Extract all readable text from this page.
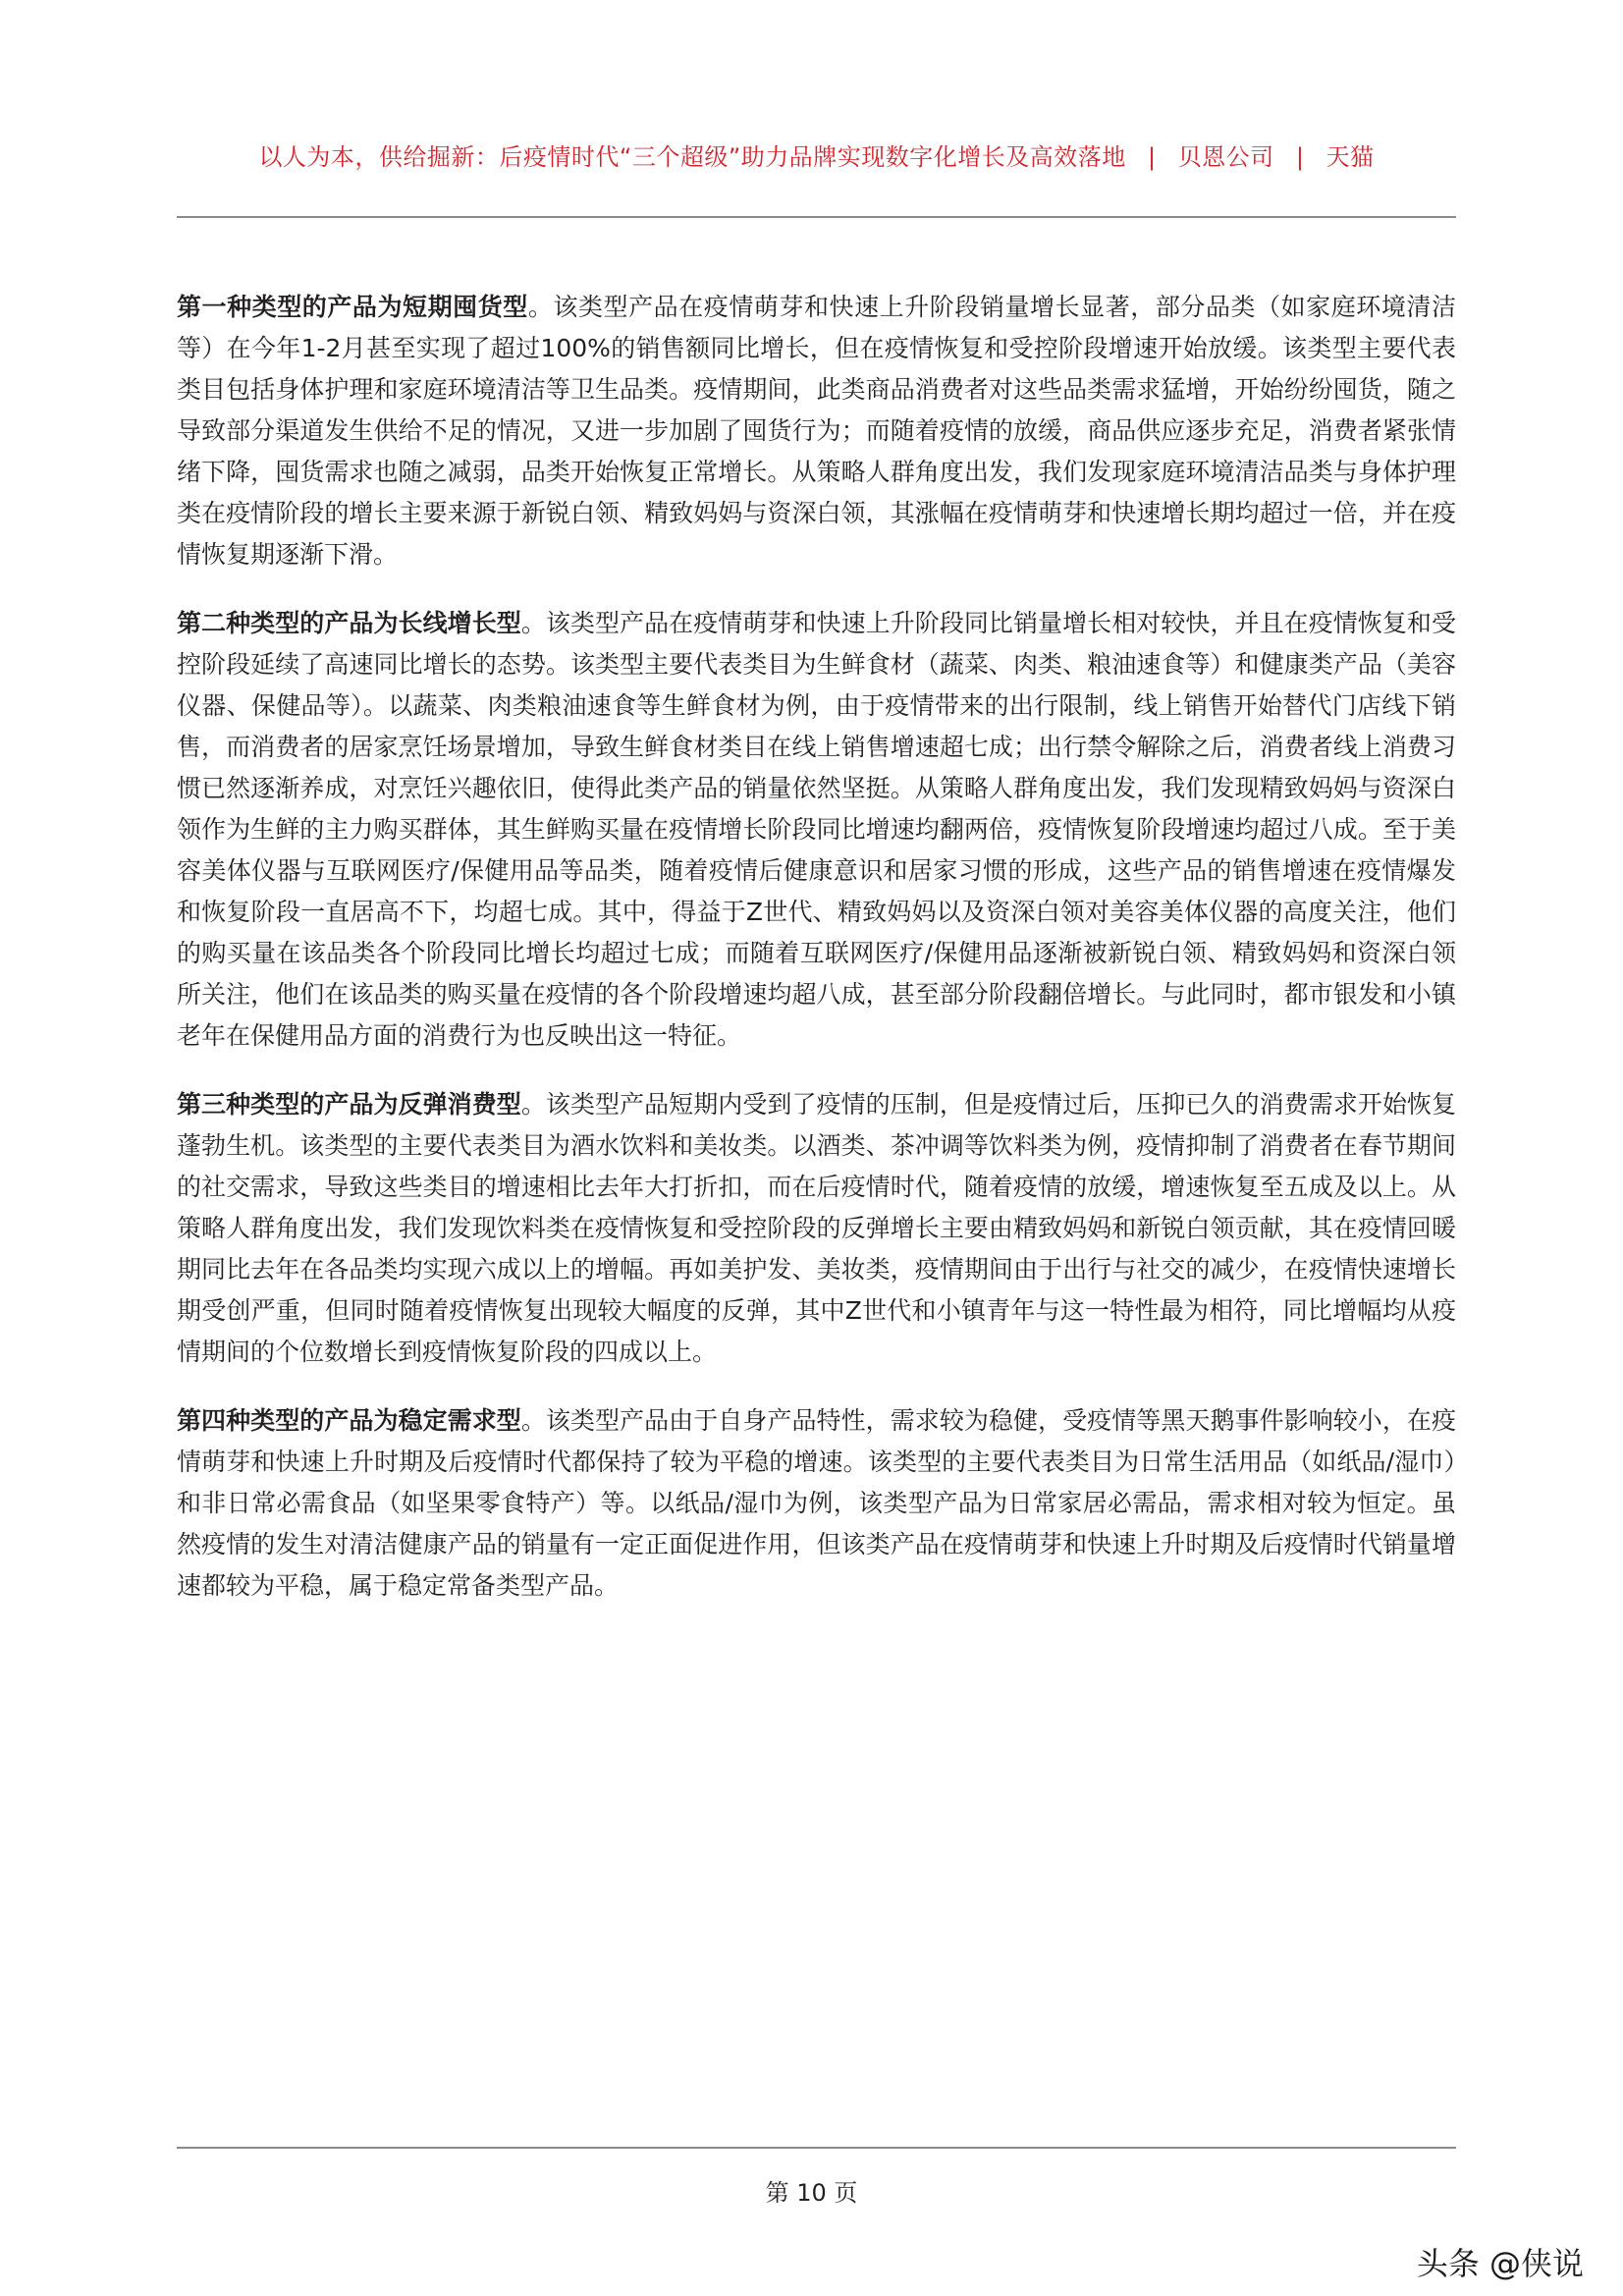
以人为本，供给掘新：后疫情时代“三个超级”助力品牌实现数字化增长及高效落地 | 贝恩公司 | 天猫

第一种类型的产品为短期囤货型。该类型产品在疫情萌芽和快速上升阶段销量增长显著，部分品类（如家庭环境清洁等）在今年1-2月甚至实现了超过100%的销售额同比增长，但在疫情恢复和受控阶段增速开始放缓。该类型主要代表类目包括身体护理和家庭环境清洁等卫生品类。疫情期间，此类商品消费者对这些品类需求猛增，开始纷纷囤货，随之导致部分渠道发生供给不足的情况，又进一步加剧了囤货行为；而随着疫情的放缓，商品供应逐步充足，消费者紧张情绪下降，囤货需求也随之减弱，品类开始恢复正常增长。从策略人群角度出发，我们发现家庭环境清洁品类与身体护理类在疫情阶段的增长主要来源于新锐白领、精致妈妈与资深白领，其涨幅在疫情萌芽和快速增长期均超过一倍，并在疫情恢复期逐渐下滑。

第二种类型的产品为长线增长型。该类型产品在疫情萌芽和快速上升阶段同比销量增长相对较快，并且在疫情恢复和受控阶段延续了高速同比增长的态势。该类型主要代表类目为生鲜食材（蔬菜、肉类、粮油速食等）和健康类产品（美容仪器、保健品等）。以蔬菜、肉类粮油速食等生鲜食材为例，由于疫情带来的出行限制，线上销售开始替代门店线下销售，而消费者的居家烹饪场景增加，导致生鲜食材类目在线上销售增速超七成；出行禁令解除之后，消费者线上消费习惯已然逐渐养成，对烹饪兴趣依旧，使得此类产品的销量依然坚挺。从策略人群角度出发，我们发现精致妈妈与资深白领作为生鲜的主力购买群体，其生鲜购买量在疫情增长阶段同比增速均翻两倍，疫情恢复阶段增速均超过八成。至于美容美体仪器与互联网医疗/保健用品等品类，随着疫情后健康意识和居家习惯的形成，这些产品的销售增速在疫情爆发和恢复阶段一直居高不下，均超七成。其中，得益于Z世代、精致妈妈以及资深白领对美容美体仪器的高度关注，他们的购买量在该品类各个阶段同比增长均超过七成；而随着互联网医疗/保健用品逐渐被新锐白领、精致妈妈和资深白领所关注，他们在该品类的购买量在疫情的各个阶段增速均超八成，甚至部分阶段翻倍增长。与此同时，都市银发和小镇老年在保健用品方面的消费行为也反映出这一特征。

第三种类型的产品为反弹消费型。该类型产品短期内受到了疫情的压制，但是疫情过后，压抑已久的消费需求开始恢复蓬勃生机。该类型的主要代表类目为酒水饮料和美妆类。以酒类、茶冲调等饮料类为例，疫情抑制了消费者在春节期间的社交需求，导致这些类目的增速相比去年大打折扣，而在后疫情时代，随着疫情的放缓，增速恢复至五成及以上。从策略人群角度出发，我们发现饮料类在疫情恢复和受控阶段的反弹增长主要由精致妈妈和新锐白领贡献，其在疫情回暖期同比去年在各品类均实现六成以上的增幅。再如美护发、美妆类，疫情期间由于出行与社交的减少，在疫情快速增长期受创严重，但同时随着疫情恢复出现较大幅度的反弹，其中Z世代和小镇青年与这一特性最为相符，同比增幅均从疫情期间的个位数增长到疫情恢复阶段的四成以上。

第四种类型的产品为稳定需求型。该类型产品由于自身产品特性，需求较为稳健，受疫情等黑天鹅事件影响较小，在疫情萌芽和快速上升时期及后疫情时代都保持了较为平稳的增速。该类型的主要代表类目为日常生活用品（如纸品/湿巾）和非日常必需食品（如坚果零食特产）等。以纸品/湿巾为例，该类型产品为日常家居必需品，需求相对较为恒定。虽然疫情的发生对清洁健康产品的销量有一定正面促进作用，但该类产品在疫情萌芽和快速上升时期及后疫情时代销量增速都较为平稳，属于稳定常备类型产品。

第 10 页
头条 @侠说
